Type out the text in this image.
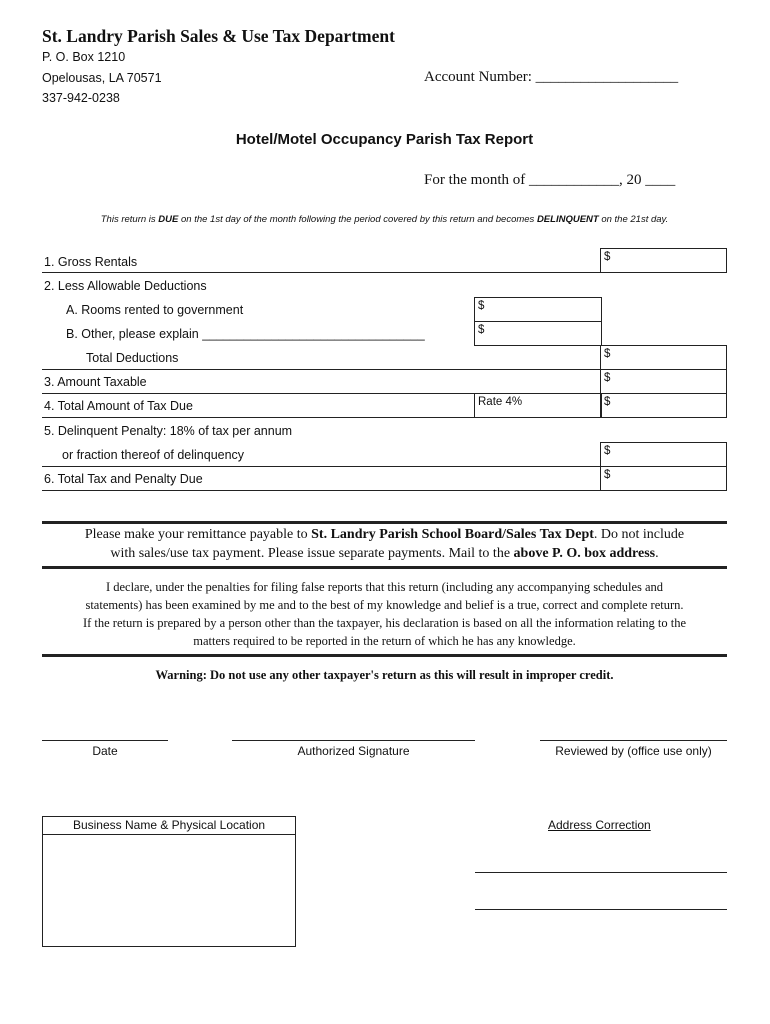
St. Landry Parish Sales & Use Tax Department
P. O. Box 1210
Opelousas, LA 70571
337-942-0238
Account Number: ___________________
Hotel/Motel Occupancy Parish Tax Report
For the month of ____________, 20 ____
This return is DUE on the 1st day of the month following the period covered by this return and becomes DELINQUENT on the 21st day.
1. Gross Rentals	$
2. Less Allowable Deductions
A. Rooms rented to government	$
B. Other, please explain ________________________________	$
Total Deductions	$
3. Amount Taxable	$
4. Total Amount of Tax Due	Rate 4%	$
5. Delinquent Penalty: 18% of tax per annum
or fraction thereof of delinquency	$
6. Total Tax and Penalty Due	$
Please make your remittance payable to St. Landry Parish School Board/Sales Tax Dept. Do not include
with sales/use tax payment. Please issue separate payments. Mail to the above P. O. box address.
I declare, under the penalties for filing false reports that this return (including any accompanying schedules and
statements) has been examined by me and to the best of my knowledge and belief is a true, correct and complete return.
If the return is prepared by a person other than the taxpayer, his declaration is based on all the information relating to the
matters required to be reported in the return of which he has any knowledge.
Warning: Do not use any other taxpayer's return as this will result in improper credit.
Date	Authorized Signature	Reviewed by (office use only)
Business Name & Physical Location	Address Correction
